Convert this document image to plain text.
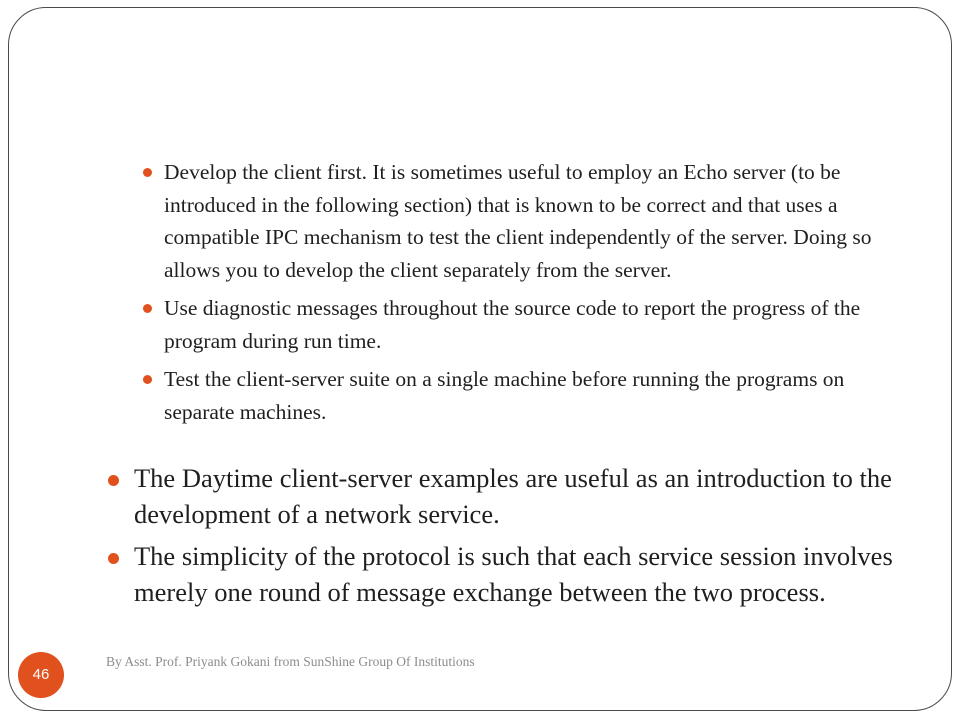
Develop the client first. It is sometimes useful to employ an Echo server (to be introduced in the following section) that is known to be correct and that uses a compatible IPC mechanism to test the client independently of the server. Doing so allows you to develop the client separately from the server.
Use diagnostic messages throughout the source code to report the progress of the program during run time.
Test the client-server suite on a single machine before running the programs on separate machines.
The Daytime client-server examples are useful as an introduction to the development of a network service.
The simplicity of the protocol is such that each service session involves merely one round of message exchange between the two process.
46
By Asst. Prof. Priyank Gokani from SunShine Group Of Institutions
